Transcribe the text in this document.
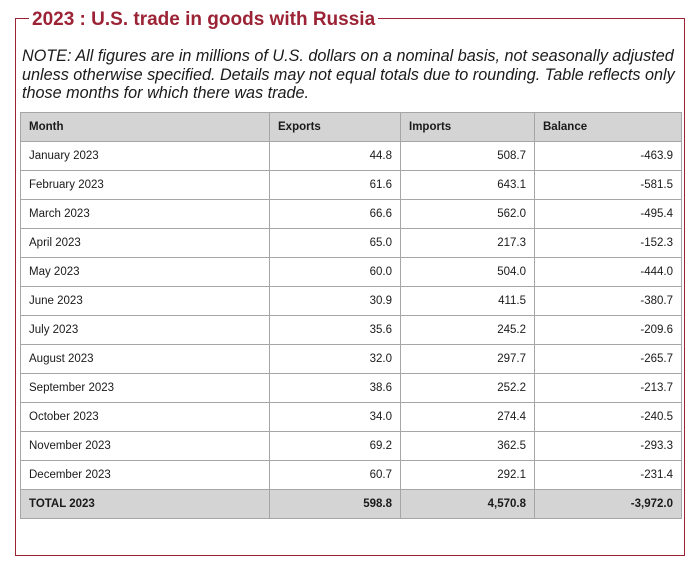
2023 : U.S. trade in goods with Russia
NOTE: All figures are in millions of U.S. dollars on a nominal basis, not seasonally adjusted unless otherwise specified. Details may not equal totals due to rounding. Table reflects only those months for which there was trade.
Month	Exports	Imports	Balance
January 2023	44.8	508.7	-463.9
February 2023	61.6	643.1	-581.5
March 2023	66.6	562.0	-495.4
April 2023	65.0	217.3	-152.3
May 2023	60.0	504.0	-444.0
June 2023	30.9	411.5	-380.7
July 2023	35.6	245.2	-209.6
August 2023	32.0	297.7	-265.7
September 2023	38.6	252.2	-213.7
October 2023	34.0	274.4	-240.5
November 2023	69.2	362.5	-293.3
December 2023	60.7	292.1	-231.4
TOTAL 2023	598.8	4,570.8	-3,972.0
